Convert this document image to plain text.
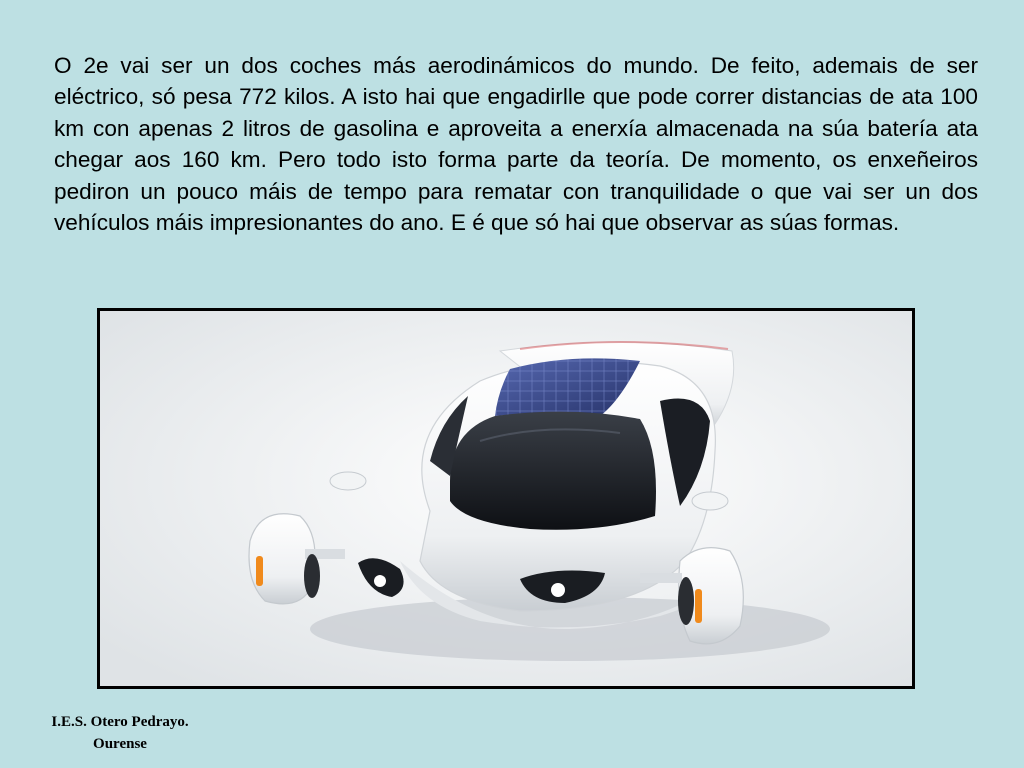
O 2e vai ser un dos coches más aerodinámicos do mundo. De feito, ademais de ser eléctrico, só pesa 772 kilos. A isto hai que engadirlle que pode correr distancias de ata 100 km con apenas 2 litros de gasolina e aproveita a enerxía almacenada na súa batería ata chegar aos 160 km. Pero todo isto forma parte da teoría. De momento, os enxeñeiros pediron un pouco máis de tempo para rematar con tranquilidade o que vai ser un dos vehículos máis impresionantes do ano. E é que só hai que observar as súas formas.

I.E.S. Otero Pedrayo.
Ourense
